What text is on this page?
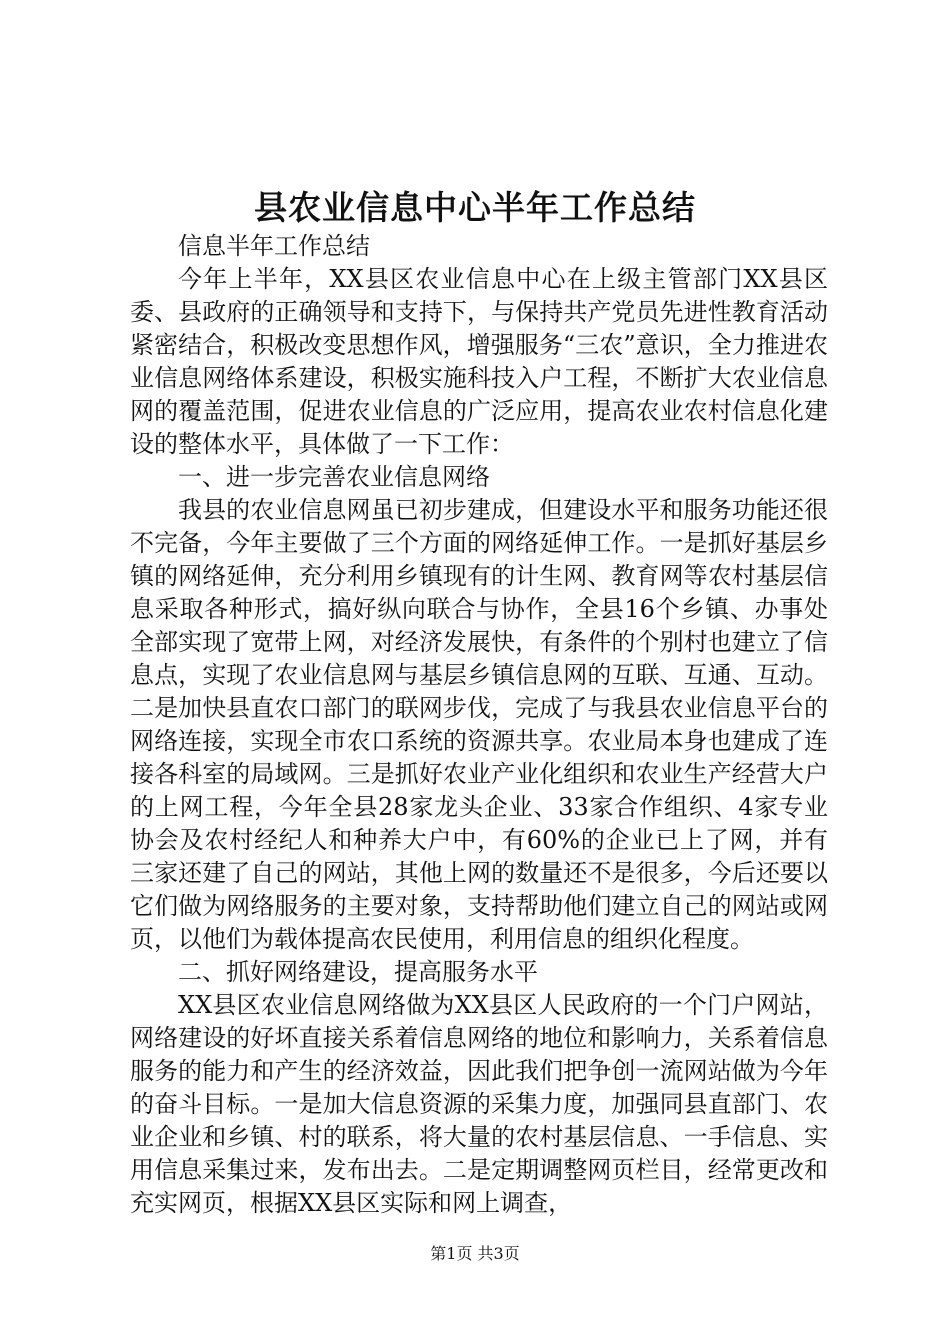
县农业信息中心半年工作总结

信息半年工作总结

今年上半年，XX县区农业信息中心在上级主管部门XX县区委、县政府的正确领导和支持下，与保持共产党员先进性教育活动紧密结合，积极改变思想作风，增强服务“三农”意识，全力推进农业信息网络体系建设，积极实施科技入户工程，不断扩大农业信息网的覆盖范围，促进农业信息的广泛应用，提高农业农村信息化建设的整体水平，具体做了一下工作：

一、进一步完善农业信息网络

我县的农业信息网虽已初步建成，但建设水平和服务功能还很不完备，今年主要做了三个方面的网络延伸工作。一是抓好基层乡镇的网络延伸，充分利用乡镇现有的计生网、教育网等农村基层信息采取各种形式，搞好纵向联合与协作，全县16个乡镇、办事处全部实现了宽带上网，对经济发展快，有条件的个别村也建立了信息点，实现了农业信息网与基层乡镇信息网的互联、互通、互动。二是加快县直农口部门的联网步伐，完成了与我县农业信息平台的网络连接，实现全市农口系统的资源共享。农业局本身也建成了连接各科室的局域网。三是抓好农业产业化组织和农业生产经营大户的上网工程，今年全县28家龙头企业、33家合作组织、4家专业协会及农村经纪人和种养大户中，有60%的企业已上了网，并有三家还建了自己的网站，其他上网的数量还不是很多，今后还要以它们做为网络服务的主要对象，支持帮助他们建立自己的网站或网页，以他们为载体提高农民使用，利用信息的组织化程度。

二、抓好网络建设，提高服务水平

XX县区农业信息网络做为XX县区人民政府的一个门户网站，网络建设的好坏直接关系着信息网络的地位和影响力，关系着信息服务的能力和产生的经济效益，因此我们把争创一流网站做为今年的奋斗目标。一是加大信息资源的采集力度，加强同县直部门、农业企业和乡镇、村的联系，将大量的农村基层信息、一手信息、实用信息采集过来，发布出去。二是定期调整网页栏目，经常更改和充实网页，根据XX县区实际和网上调查，

第1页 共3页
